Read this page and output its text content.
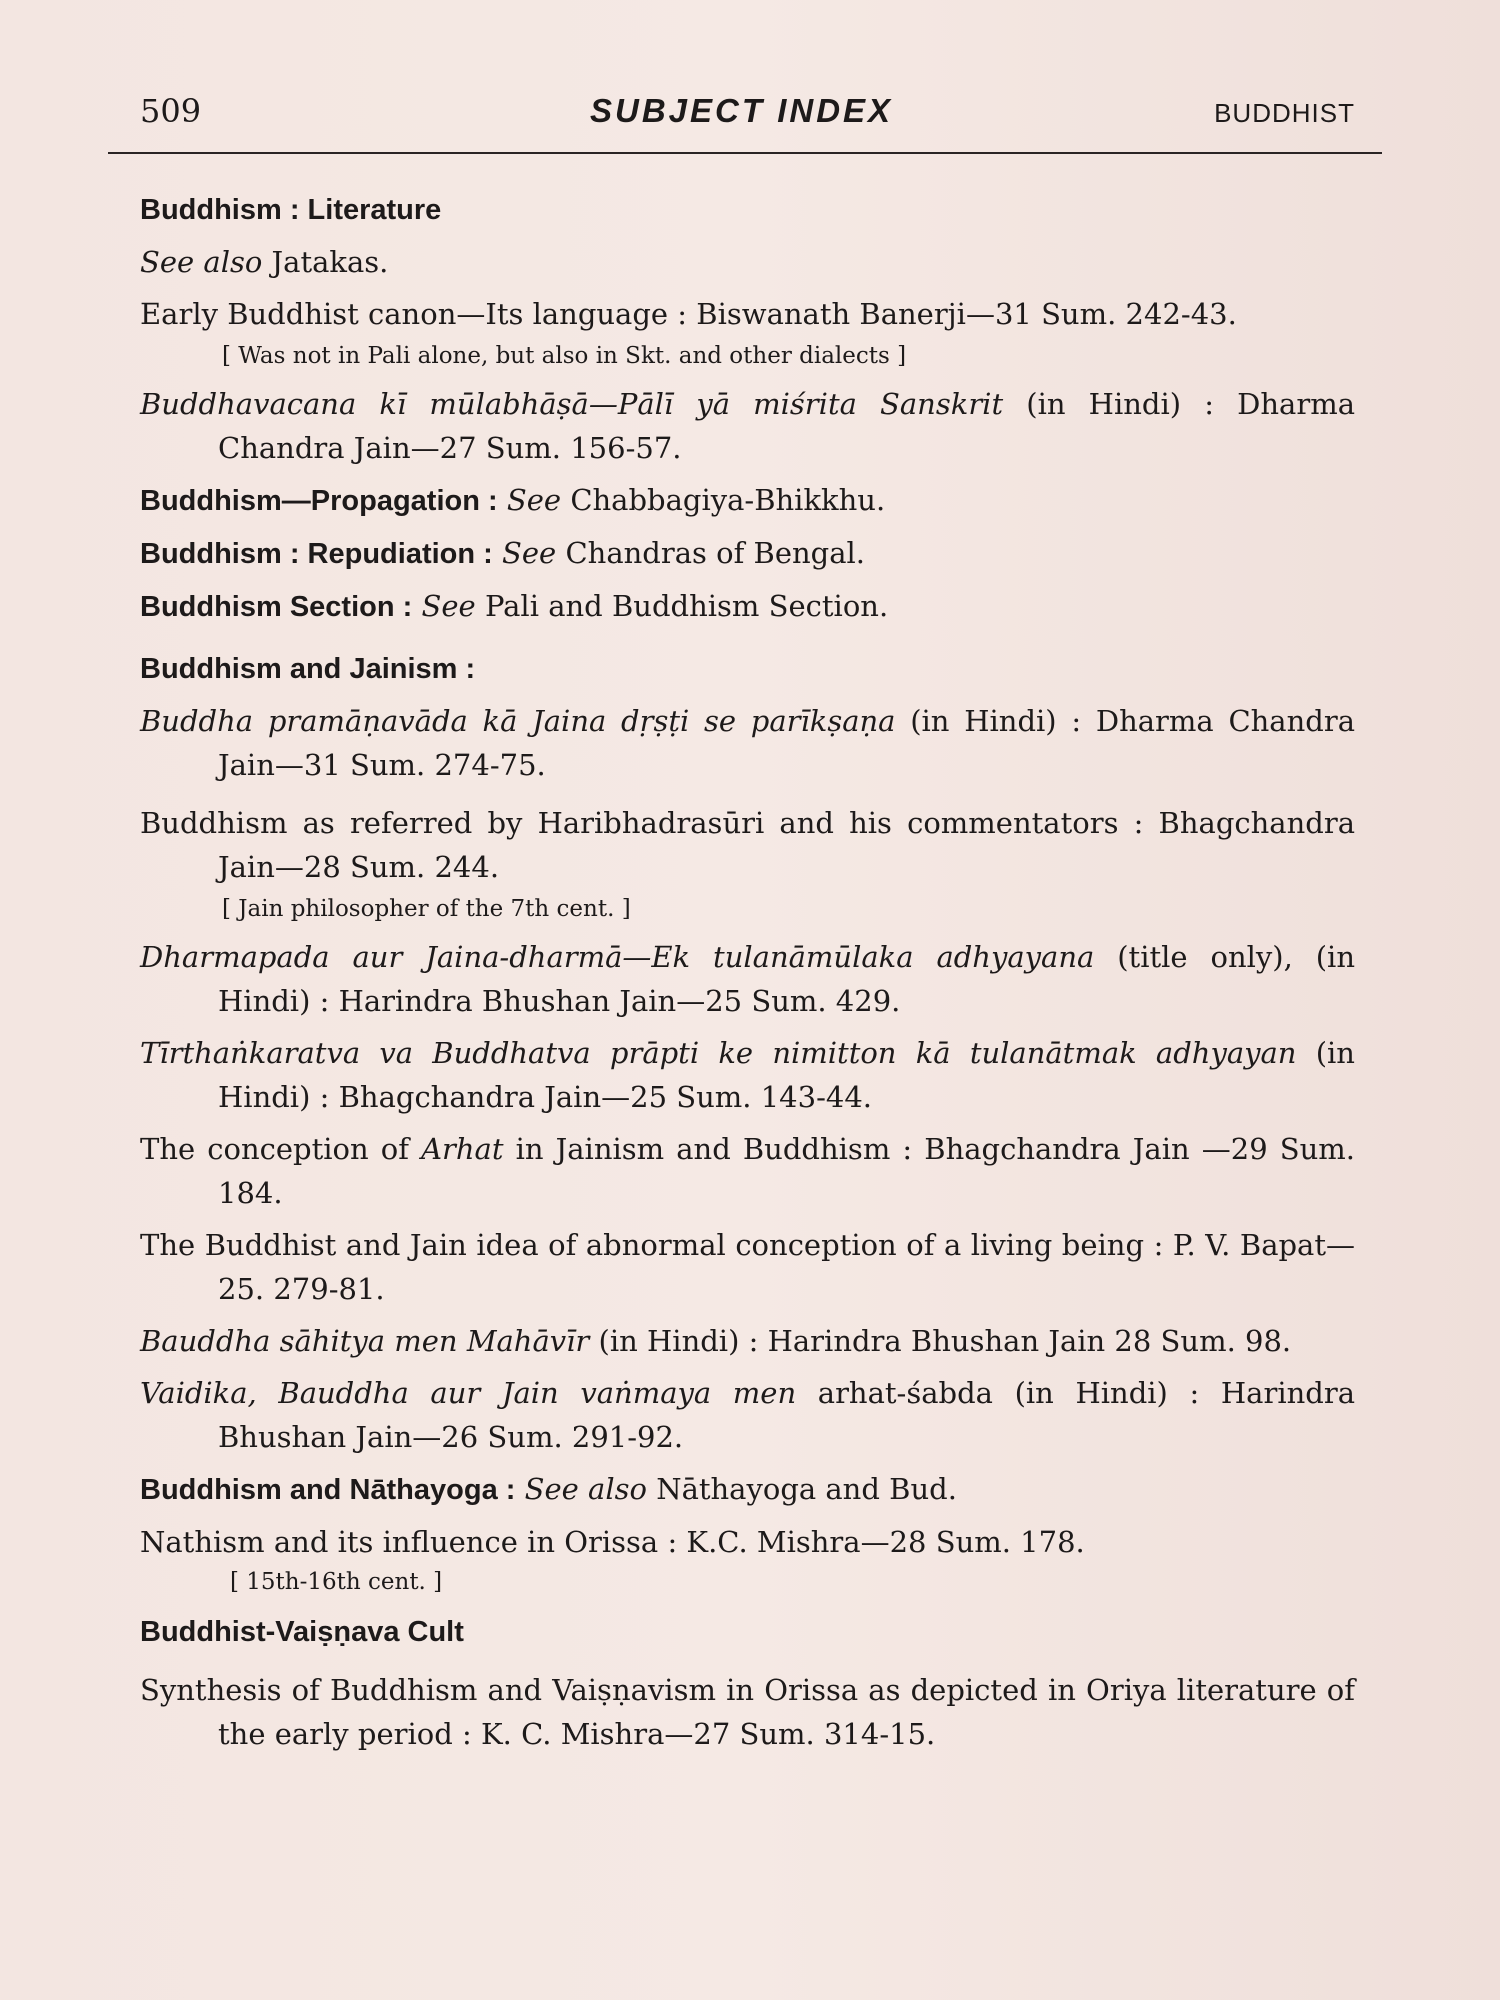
509	SUBJECT INDEX	BUDDHIST

Buddhism : Literature

See also Jatakas.

Early Buddhist canon—Its language : Biswanath Banerji—31 Sum. 242-43.

[ Was not in Pali alone, but also in Skt. and other dialects ]

Buddhavacana kī mūlabhāṣā—Pālī yā miśrita Sanskrit (in Hindi) : Dharma Chandra Jain—27 Sum. 156-57.

Buddhism—Propagation : See Chabbagiya-Bhikkhu.

Buddhism : Repudiation : See Chandras of Bengal.

Buddhism Section : See Pali and Buddhism Section.

Buddhism and Jainism :

Buddha pramāṇavāda kā Jaina dṛṣṭi se parīkṣaṇa (in Hindi) : Dharma Chandra Jain—31 Sum. 274-75.

Buddhism as referred by Haribhadrasūri and his commentators : Bhagchandra Jain—28 Sum. 244.

[ Jain philosopher of the 7th cent. ]

Dharmapada aur Jaina-dharmā—Ek tulanāmūlaka adhyayana (title only), (in Hindi) : Harindra Bhushan Jain—25 Sum. 429.

Tīrthaṅkaratva va Buddhatva prāpti ke nimitton kā tulanātmak adhyayan (in Hindi) : Bhagchandra Jain—25 Sum. 143-44.

The conception of Arhat in Jainism and Buddhism : Bhagchandra Jain —29 Sum. 184.

The Buddhist and Jain idea of abnormal conception of a living being : P. V. Bapat—25. 279-81.

Bauddha sāhitya men Mahāvīr (in Hindi) : Harindra Bhushan Jain 28 Sum. 98.

Vaidika, Bauddha aur Jain vaṅmaya men arhat-śabda (in Hindi) : Harindra Bhushan Jain—26 Sum. 291-92.

Buddhism and Nāthayoga : See also Nāthayoga and Bud.

Nathism and its influence in Orissa : K.C. Mishra—28 Sum. 178.

[ 15th-16th cent. ]

Buddhist-Vaiṣṇava Cult

Synthesis of Buddhism and Vaiṣṇavism in Orissa as depicted in Oriya literature of the early period : K. C. Mishra—27 Sum. 314-15.
